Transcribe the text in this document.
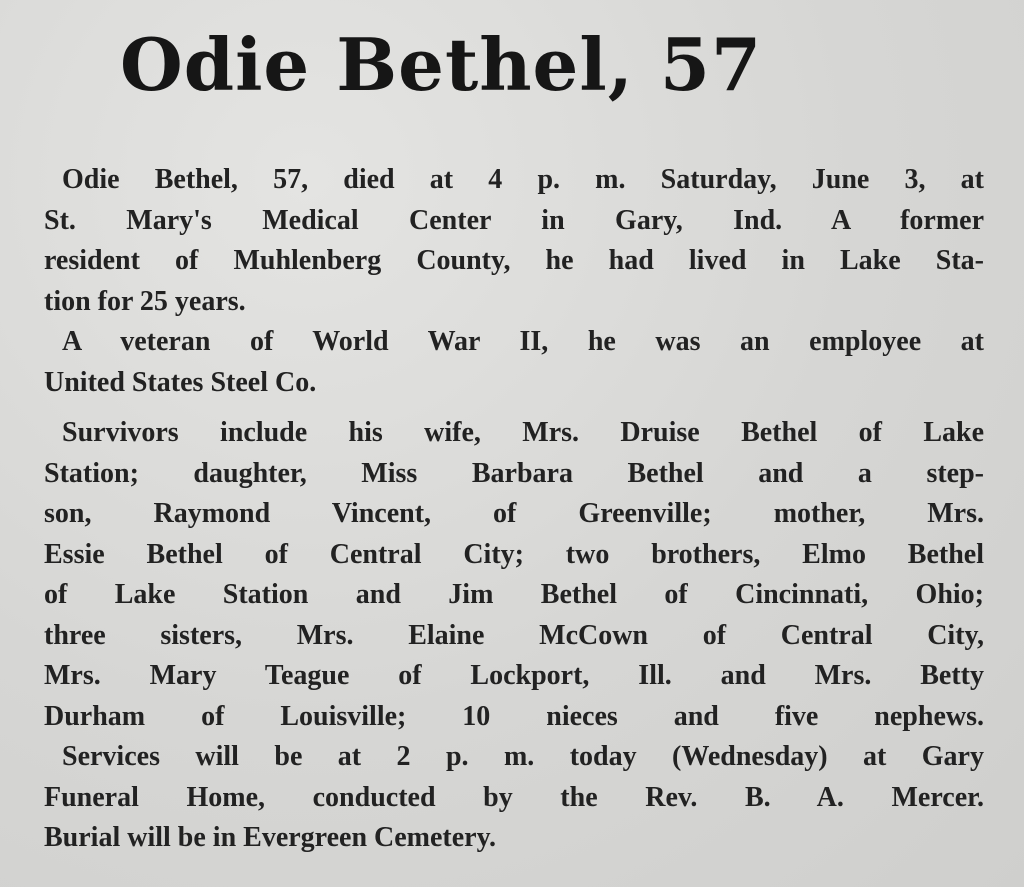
Odie Bethel, 57
Odie Bethel, 57, died at 4 p. m. Saturday, June 3, at
St. Mary's Medical Center in Gary, Ind. A former
resident of Muhlenberg County, he had lived in Lake Sta-
tion for 25 years.
A veteran of World War II, he was an employee at
United States Steel Co.
Survivors include his wife, Mrs. Druise Bethel of Lake
Station; daughter, Miss Barbara Bethel and a step-
son, Raymond Vincent, of Greenville; mother, Mrs.
Essie Bethel of Central City; two brothers, Elmo Bethel
of Lake Station and Jim Bethel of Cincinnati, Ohio;
three sisters, Mrs. Elaine McCown of Central City,
Mrs. Mary Teague of Lockport, Ill. and Mrs. Betty
Durham of Louisville; 10 nieces and five nephews.
Services will be at 2 p. m. today (Wednesday) at Gary
Funeral Home, conducted by the Rev. B. A. Mercer.
Burial will be in Evergreen Cemetery.
